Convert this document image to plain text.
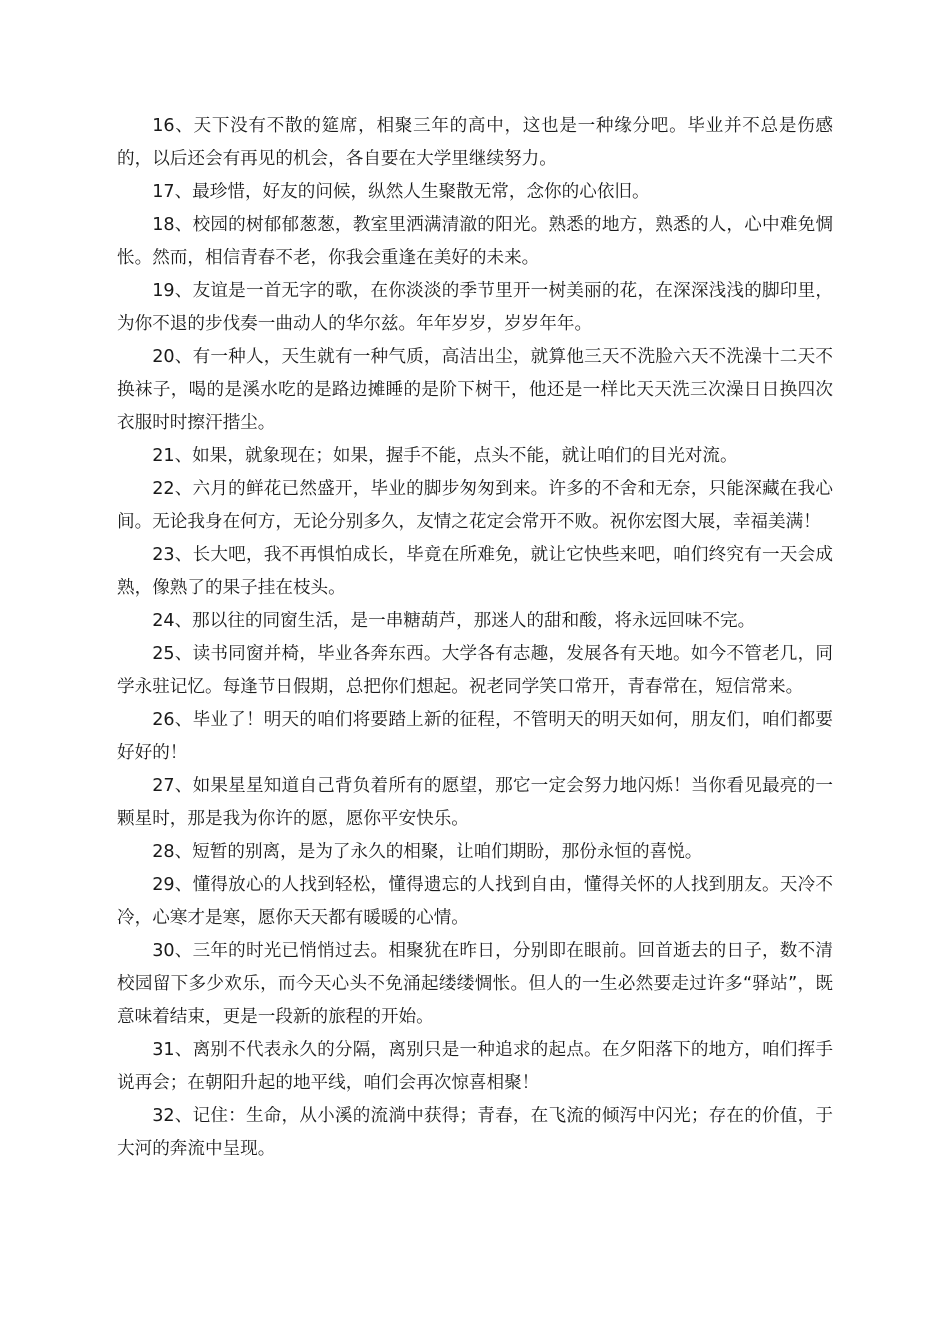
16、天下没有不散的筵席，相聚三年的高中，这也是一种缘分吧。毕业并不总是伤感的，以后还会有再见的机会，各自要在大学里继续努力。

17、最珍惜，好友的问候，纵然人生聚散无常，念你的心依旧。

18、校园的树郁郁葱葱，教室里洒满清澈的阳光。熟悉的地方，熟悉的人，心中难免惆怅。然而，相信青春不老，你我会重逢在美好的未来。

19、友谊是一首无字的歌，在你淡淡的季节里开一树美丽的花，在深深浅浅的脚印里，为你不退的步伐奏一曲动人的华尔兹。年年岁岁，岁岁年年。

20、有一种人，天生就有一种气质，高洁出尘，就算他三天不洗脸六天不洗澡十二天不换袜子，喝的是溪水吃的是路边摊睡的是阶下树干，他还是一样比天天洗三次澡日日换四次衣服时时擦汗揩尘。

21、如果，就象现在；如果，握手不能，点头不能，就让咱们的目光对流。

22、六月的鲜花已然盛开，毕业的脚步匆匆到来。许多的不舍和无奈，只能深藏在我心间。无论我身在何方，无论分别多久，友情之花定会常开不败。祝你宏图大展，幸福美满！

23、长大吧，我不再惧怕成长，毕竟在所难免，就让它快些来吧，咱们终究有一天会成熟，像熟了的果子挂在枝头。

24、那以往的同窗生活，是一串糖葫芦，那迷人的甜和酸，将永远回味不完。

25、读书同窗并椅，毕业各奔东西。大学各有志趣，发展各有天地。如今不管老几，同学永驻记忆。每逢节日假期，总把你们想起。祝老同学笑口常开，青春常在，短信常来。

26、毕业了！明天的咱们将要踏上新的征程，不管明天的明天如何，朋友们，咱们都要好好的！

27、如果星星知道自己背负着所有的愿望，那它一定会努力地闪烁！当你看见最亮的一颗星时，那是我为你许的愿，愿你平安快乐。

28、短暂的别离，是为了永久的相聚，让咱们期盼，那份永恒的喜悦。

29、懂得放心的人找到轻松，懂得遗忘的人找到自由，懂得关怀的人找到朋友。天冷不冷，心寒才是寒，愿你天天都有暖暖的心情。

30、三年的时光已悄悄过去。相聚犹在昨日，分别即在眼前。回首逝去的日子，数不清校园留下多少欢乐，而今天心头不免涌起缕缕惆怅。但人的一生必然要走过许多“驿站”，既意味着结束，更是一段新的旅程的开始。

31、离别不代表永久的分隔，离别只是一种追求的起点。在夕阳落下的地方，咱们挥手说再会；在朝阳升起的地平线，咱们会再次惊喜相聚！

32、记住：生命，从小溪的流淌中获得；青春，在飞流的倾泻中闪光；存在的价值，于大河的奔流中呈现。
